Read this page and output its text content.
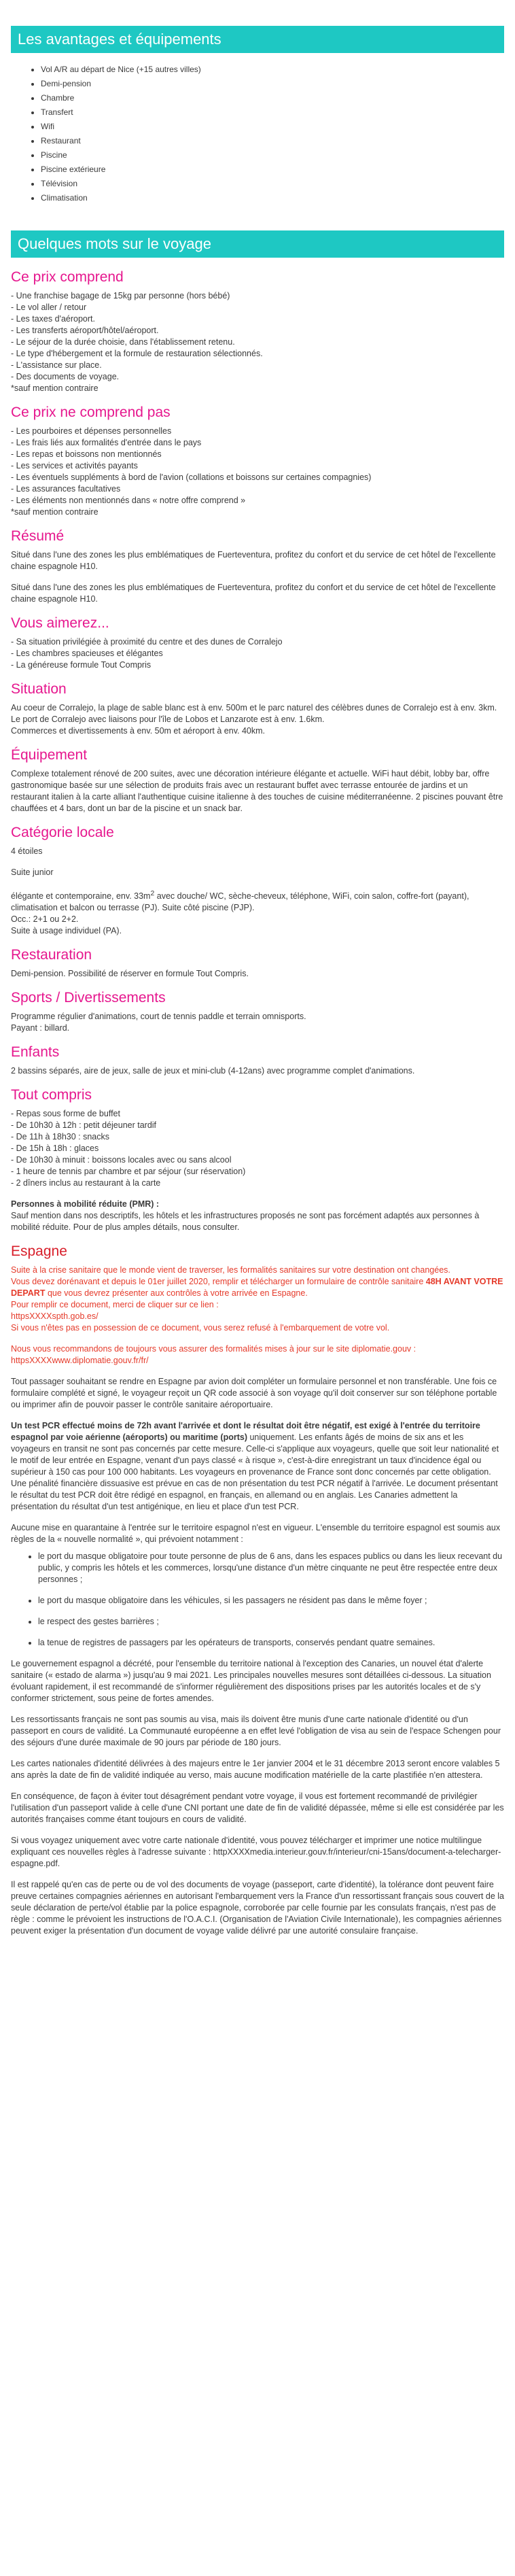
Les avantages et équipements
• Vol A/R au départ de Nice (+15 autres villes)
• Demi-pension
• Chambre
• Transfert
• Wifi
• Restaurant
• Piscine
• Piscine extérieure
• Télévision
• Climatisation
Quelques mots sur le voyage
Ce prix comprend

- Une franchise bagage de 15kg par personne (hors bébé)

- Le vol aller / retour

- Les taxes d'aéroport.

- Les transferts aéroport/hôtel/aéroport.

- Le séjour de la durée choisie, dans l'établissement retenu.

- Le type d'hébergement et la formule de restauration sélectionnés.

- L'assistance sur place.

- Des documents de voyage.

*sauf mention contraire

Ce prix ne comprend pas

- Les pourboires et dépenses personnelles

- Les frais liés aux formalités d'entrée dans le pays

- Les repas et boissons non mentionnés

- Les services et activités payants

- Les éventuels suppléments à bord de l'avion (collations et boissons sur certaines compagnies)

- Les assurances facultatives

- Les éléments non mentionnés dans « notre offre comprend »

*sauf mention contraire

Résumé

Situé dans l'une des zones les plus emblématiques de Fuerteventura, profitez du confort et du service de cet hôtel de l'excellente chaine espagnole H10.

Situé dans l'une des zones les plus emblématiques de Fuerteventura, profitez du confort et du service de cet hôtel de l'excellente chaine espagnole H10.

Vous aimerez...

- Sa situation privilégiée à proximité du centre et des dunes de Corralejo

- Les chambres spacieuses et élégantes

- La généreuse formule Tout Compris

Situation

Au coeur de Corralejo, la plage de sable blanc est à env. 500m et le parc naturel des célèbres dunes de Corralejo est à env. 3km. Le port de Corralejo avec liaisons pour l'île de Lobos et Lanzarote est à env. 1.6km.

Commerces et divertissements à env. 50m et aéroport à env. 40km.

Équipement

Complexe totalement rénové de 200 suites, avec une décoration intérieure élégante et actuelle. WiFi haut débit, lobby bar, offre gastronomique basée sur une sélection de produits frais avec un restaurant buffet avec terrasse entourée de jardins et un restaurant italien à la carte alliant l'authentique cuisine italienne à des touches de cuisine méditerranéenne. 2 piscines pouvant être chauffées et 4 bars, dont un bar de la piscine et un snack bar.

Catégorie locale

4 étoiles

Suite junior

élégante et contemporaine, env. $33m^2$ avec douche/ WC, sèche-cheveux, téléphone, WiFi, coin salon, coffre-fort (payant), climatisation et balcon ou terrasse (PJ). Suite côté piscine (PJP).

Occ.: 2+1 ou 2+2.

Suite à usage individuel (PA).

Restauration

Demi-pension. Possibilité de réserver en formule Tout Compris.

Sports / Divertissements

Programme régulier d'animations, court de tennis paddle et terrain omnisports.

Payant : billard.

Enfants

2 bassins séparés, aire de jeux, salle de jeux et mini-club (4-12ans) avec programme complet d'animations.

Tout compris

- Repas sous forme de buffet

- De 10h30 à 12h : petit déjeuner tardif

- De 11h à 18h30 : snacks

- De 15h à 18h : glaces

- De 10h30 à minuit : boissons locales avec ou sans alcool

- 1 heure de tennis par chambre et par séjour (sur réservation)

- 2 dîners inclus au restaurant à la carte

Personnes à mobilité réduite (PMR) :

Sauf mention dans nos descriptifs, les hôtels et les infrastructures proposés ne sont pas forcément adaptés aux personnes à mobilité réduite. Pour de plus amples détails, nous consulter.

Espagne

Suite à la crise sanitaire que le monde vient de traverser, les formalités sanitaires sur votre destination ont changées.

Vous devez dorénavant et depuis le 01er juillet 2020, remplir et télécharger un formulaire de contrôle sanitaire 48H AVANT VOTRE DEPART que vous devrez présenter aux contrôles à votre arrivée en Espagne.

Pour remplir ce document, merci de cliquer sur ce lien :

httpsXXXXspth.gob.es/

Si vous n'êtes pas en possession de ce document, vous serez refusé à l'embarquement de votre vol.

Nous vous recommandons de toujours vous assurer des formalités mises à jour sur le site diplomatie.gouv : httpsXXXXwww.diplomatie.gouv.fr/fr/

Tout passager souhaitant se rendre en Espagne par avion doit compléter un formulaire personnel et non transférable. Une fois ce formulaire complété et signé, le voyageur reçoit un QR code associé à son voyage qu'il doit conserver sur son téléphone portable ou imprimer afin de pouvoir passer le contrôle sanitaire aéroportuaire.

Un test PCR effectué moins de 72h avant l'arrivée et dont le résultat doit être négatif, est exigé à l'entrée du territoire espagnol par voie aérienne (aéroports) ou maritime (ports) uniquement. Les enfants âgés de moins de six ans et les voyageurs en transit ne sont pas concernés par cette mesure. Celle-ci s'applique aux voyageurs, quelle que soit leur nationalité et le motif de leur entrée en Espagne, venant d'un pays classé « à risque », c'est-à-dire enregistrant un taux d'incidence égal ou supérieur à 150 cas pour 100 000 habitants. Les voyageurs en provenance de France sont donc concernés par cette obligation. Une pénalité financière dissuasive est prévue en cas de non présentation du test PCR négatif à l'arrivée. Le document présentant le résultat du test PCR doit être rédigé en espagnol, en français, en allemand ou en anglais. Les Canaries admettent la présentation du résultat d'un test antigénique, en lieu et place d'un test PCR.

Aucune mise en quarantaine à l'entrée sur le territoire espagnol n'est en vigueur. L'ensemble du territoire espagnol est soumis aux règles de la « nouvelle normalité », qui prévoient notamment :

• le port du masque obligatoire pour toute personne de plus de 6 ans, dans les espaces publics ou dans les lieux recevant du public, y compris les hôtels et les commerces, lorsqu'une distance d'un mètre cinquante ne peut être respectée entre deux personnes ;
• le port du masque obligatoire dans les véhicules, si les passagers ne résident pas dans le même foyer ;
• le respect des gestes barrières ;
• la tenue de registres de passagers par les opérateurs de transports, conservés pendant quatre semaines.

Le gouvernement espagnol a décrété, pour l'ensemble du territoire national à l'exception des Canaries, un nouvel état d'alerte sanitaire (« estado de alarma ») jusqu'au 9 mai 2021. Les principales nouvelles mesures sont détaillées ci-dessous. La situation évoluant rapidement, il est recommandé de s'informer régulièrement des dispositions prises par les autorités locales et de s'y conformer strictement, sous peine de fortes amendes.

Les ressortissants français ne sont pas soumis au visa, mais ils doivent être munis d'une carte nationale d'identité ou d'un passeport en cours de validité. La Communauté européenne a en effet levé l'obligation de visa au sein de l'espace Schengen pour des séjours d'une durée maximale de 90 jours par période de 180 jours.

Les cartes nationales d'identité délivrées à des majeurs entre le 1er janvier 2004 et le 31 décembre 2013 seront encore valables 5 ans après la date de fin de validité indiquée au verso, mais aucune modification matérielle de la carte plastifiée n'en attestera.

En conséquence, de façon à éviter tout désagrément pendant votre voyage, il vous est fortement recommandé de privilégier l'utilisation d'un passeport valide à celle d'une CNI portant une date de fin de validité dépassée, même si elle est considérée par les autorités françaises comme étant toujours en cours de validité.

Si vous voyagez uniquement avec votre carte nationale d'identité, vous pouvez télécharger et imprimer une notice multilingue expliquant ces nouvelles règles à l'adresse suivante : httpXXXXmedia.interieur.gouv.fr/interieur/cni-15ans/document-a-telecharger-espagne.pdf.

Il est rappelé qu'en cas de perte ou de vol des documents de voyage (passeport, carte d'identité), la tolérance dont peuvent faire preuve certaines compagnies aériennes en autorisant l'embarquement vers la France d'un ressortissant français sous couvert de la seule déclaration de perte/vol établie par la police espagnole, corroborée par celle fournie par les consulats français, n'est pas de règle : comme le prévoient les instructions de l'O.A.C.I. (Organisation de l'Aviation Civile Internationale), les compagnies aériennes peuvent exiger la présentation d'un document de voyage valide délivré par une autorité consulaire française.
